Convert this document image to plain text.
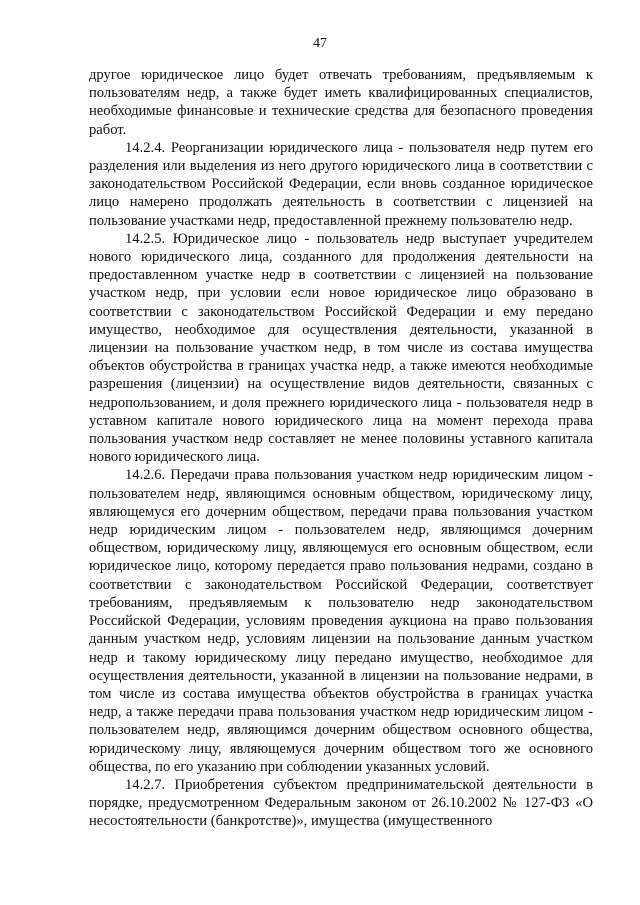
47

другое юридическое лицо будет отвечать требованиям, предъявляемым к пользователям недр, а также будет иметь квалифицированных специалистов, необходимые финансовые и технические средства для безопасного проведения работ.

14.2.4. Реорганизации юридического лица - пользователя недр путем его разделения или выделения из него другого юридического лица в соответствии с законодательством Российской Федерации, если вновь созданное юридическое лицо намерено продолжать деятельность в соответствии с лицензией на пользование участками недр, предоставленной прежнему пользователю недр.

14.2.5. Юридическое лицо - пользователь недр выступает учредителем нового юридического лица, созданного для продолжения деятельности на предоставленном участке недр в соответствии с лицензией на пользование участком недр, при условии если новое юридическое лицо образовано в соответствии с законодательством Российской Федерации и ему передано имущество, необходимое для осуществления деятельности, указанной в лицензии на пользование участком недр, в том числе из состава имущества объектов обустройства в границах участка недр, а также имеются необходимые разрешения (лицензии) на осуществление видов деятельности, связанных с недропользованием, и доля прежнего юридического лица - пользователя недр в уставном капитале нового юридического лица на момент перехода права пользования участком недр составляет не менее половины уставного капитала нового юридического лица.

14.2.6. Передачи права пользования участком недр юридическим лицом - пользователем недр, являющимся основным обществом, юридическому лицу, являющемуся его дочерним обществом, передачи права пользования участком недр юридическим лицом - пользователем недр, являющимся дочерним обществом, юридическому лицу, являющемуся его основным обществом, если юридическое лицо, которому передается право пользования недрами, создано в соответствии с законодательством Российской Федерации, соответствует требованиям, предъявляемым к пользователю недр законодательством Российской Федерации, условиям проведения аукциона на право пользования данным участком недр, условиям лицензии на пользование данным участком недр и такому юридическому лицу передано имущество, необходимое для осуществления деятельности, указанной в лицензии на пользование недрами, в том числе из состава имущества объектов обустройства в границах участка недр, а также передачи права пользования участком недр юридическим лицом - пользователем недр, являющимся дочерним обществом основного общества, юридическому лицу, являющемуся дочерним обществом того же основного общества, по его указанию при соблюдении указанных условий.

14.2.7. Приобретения субъектом предпринимательской деятельности в порядке, предусмотренном Федеральным законом от 26.10.2002 № 127-ФЗ «О несостоятельности (банкротстве)», имущества (имущественного
